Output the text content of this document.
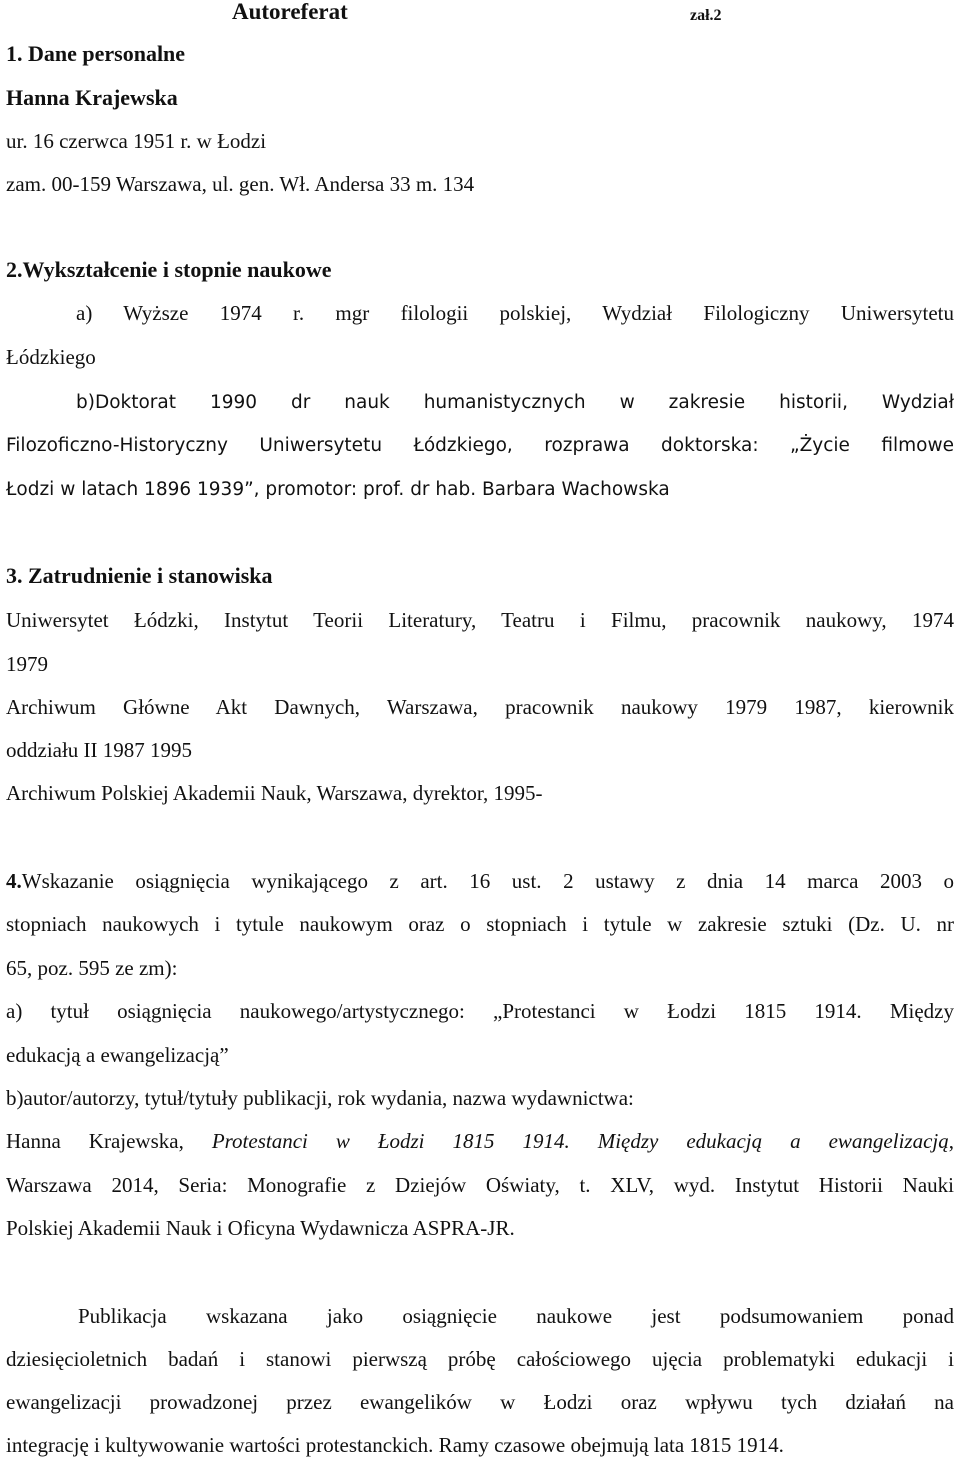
Autoreferat	zał.2
1. Dane personalne
Hanna Krajewska
ur. 16 czerwca 1951 r. w Łodzi
zam. 00-159 Warszawa, ul. gen. Wł. Andersa 33 m. 134
2.Wykształcenie i stopnie naukowe
a) Wyższe 1974 r. mgr filologii polskiej, Wydział Filologiczny Uniwersytetu
Łódzkiego
b)Doktorat 1990 dr nauk humanistycznych w zakresie historii, Wydział
Filozoficzno-Historyczny Uniwersytetu Łódzkiego, rozprawa doktorska: „Życie filmowe
Łodzi w latach 1896 1939”, promotor: prof. dr hab. Barbara Wachowska
3. Zatrudnienie i stanowiska
Uniwersytet Łódzki, Instytut Teorii Literatury, Teatru i Filmu, pracownik naukowy, 1974
1979
Archiwum Główne Akt Dawnych, Warszawa, pracownik naukowy 1979 1987, kierownik
oddziału II 1987 1995
Archiwum Polskiej Akademii Nauk, Warszawa, dyrektor, 1995-
4.Wskazanie osiągnięcia wynikającego z art. 16 ust. 2 ustawy z dnia 14 marca 2003 o
stopniach naukowych i tytule naukowym oraz o stopniach i tytule w zakresie sztuki (Dz. U. nr
65, poz. 595 ze zm):
a) tytuł osiągnięcia naukowego/artystycznego: „Protestanci w Łodzi 1815 1914. Między
edukacją a ewangelizacją”
b)autor/autorzy, tytuł/tytuły publikacji, rok wydania, nazwa wydawnictwa:
Hanna Krajewska, Protestanci w Łodzi 1815 1914. Między edukacją a ewangelizacją,
Warszawa 2014, Seria: Monografie z Dziejów Oświaty, t. XLV, wyd. Instytut Historii Nauki
Polskiej Akademii Nauk i Oficyna Wydawnicza ASPRA-JR.
Publikacja wskazana jako osiągnięcie naukowe jest podsumowaniem ponad
dziesięcioletnich badań i stanowi pierwszą próbę całościowego ujęcia problematyki edukacji i
ewangelizacji prowadzonej przez ewangelików w Łodzi oraz wpływu tych działań na
integrację i kultywowanie wartości protestanckich. Ramy czasowe obejmują lata 1815 1914.
